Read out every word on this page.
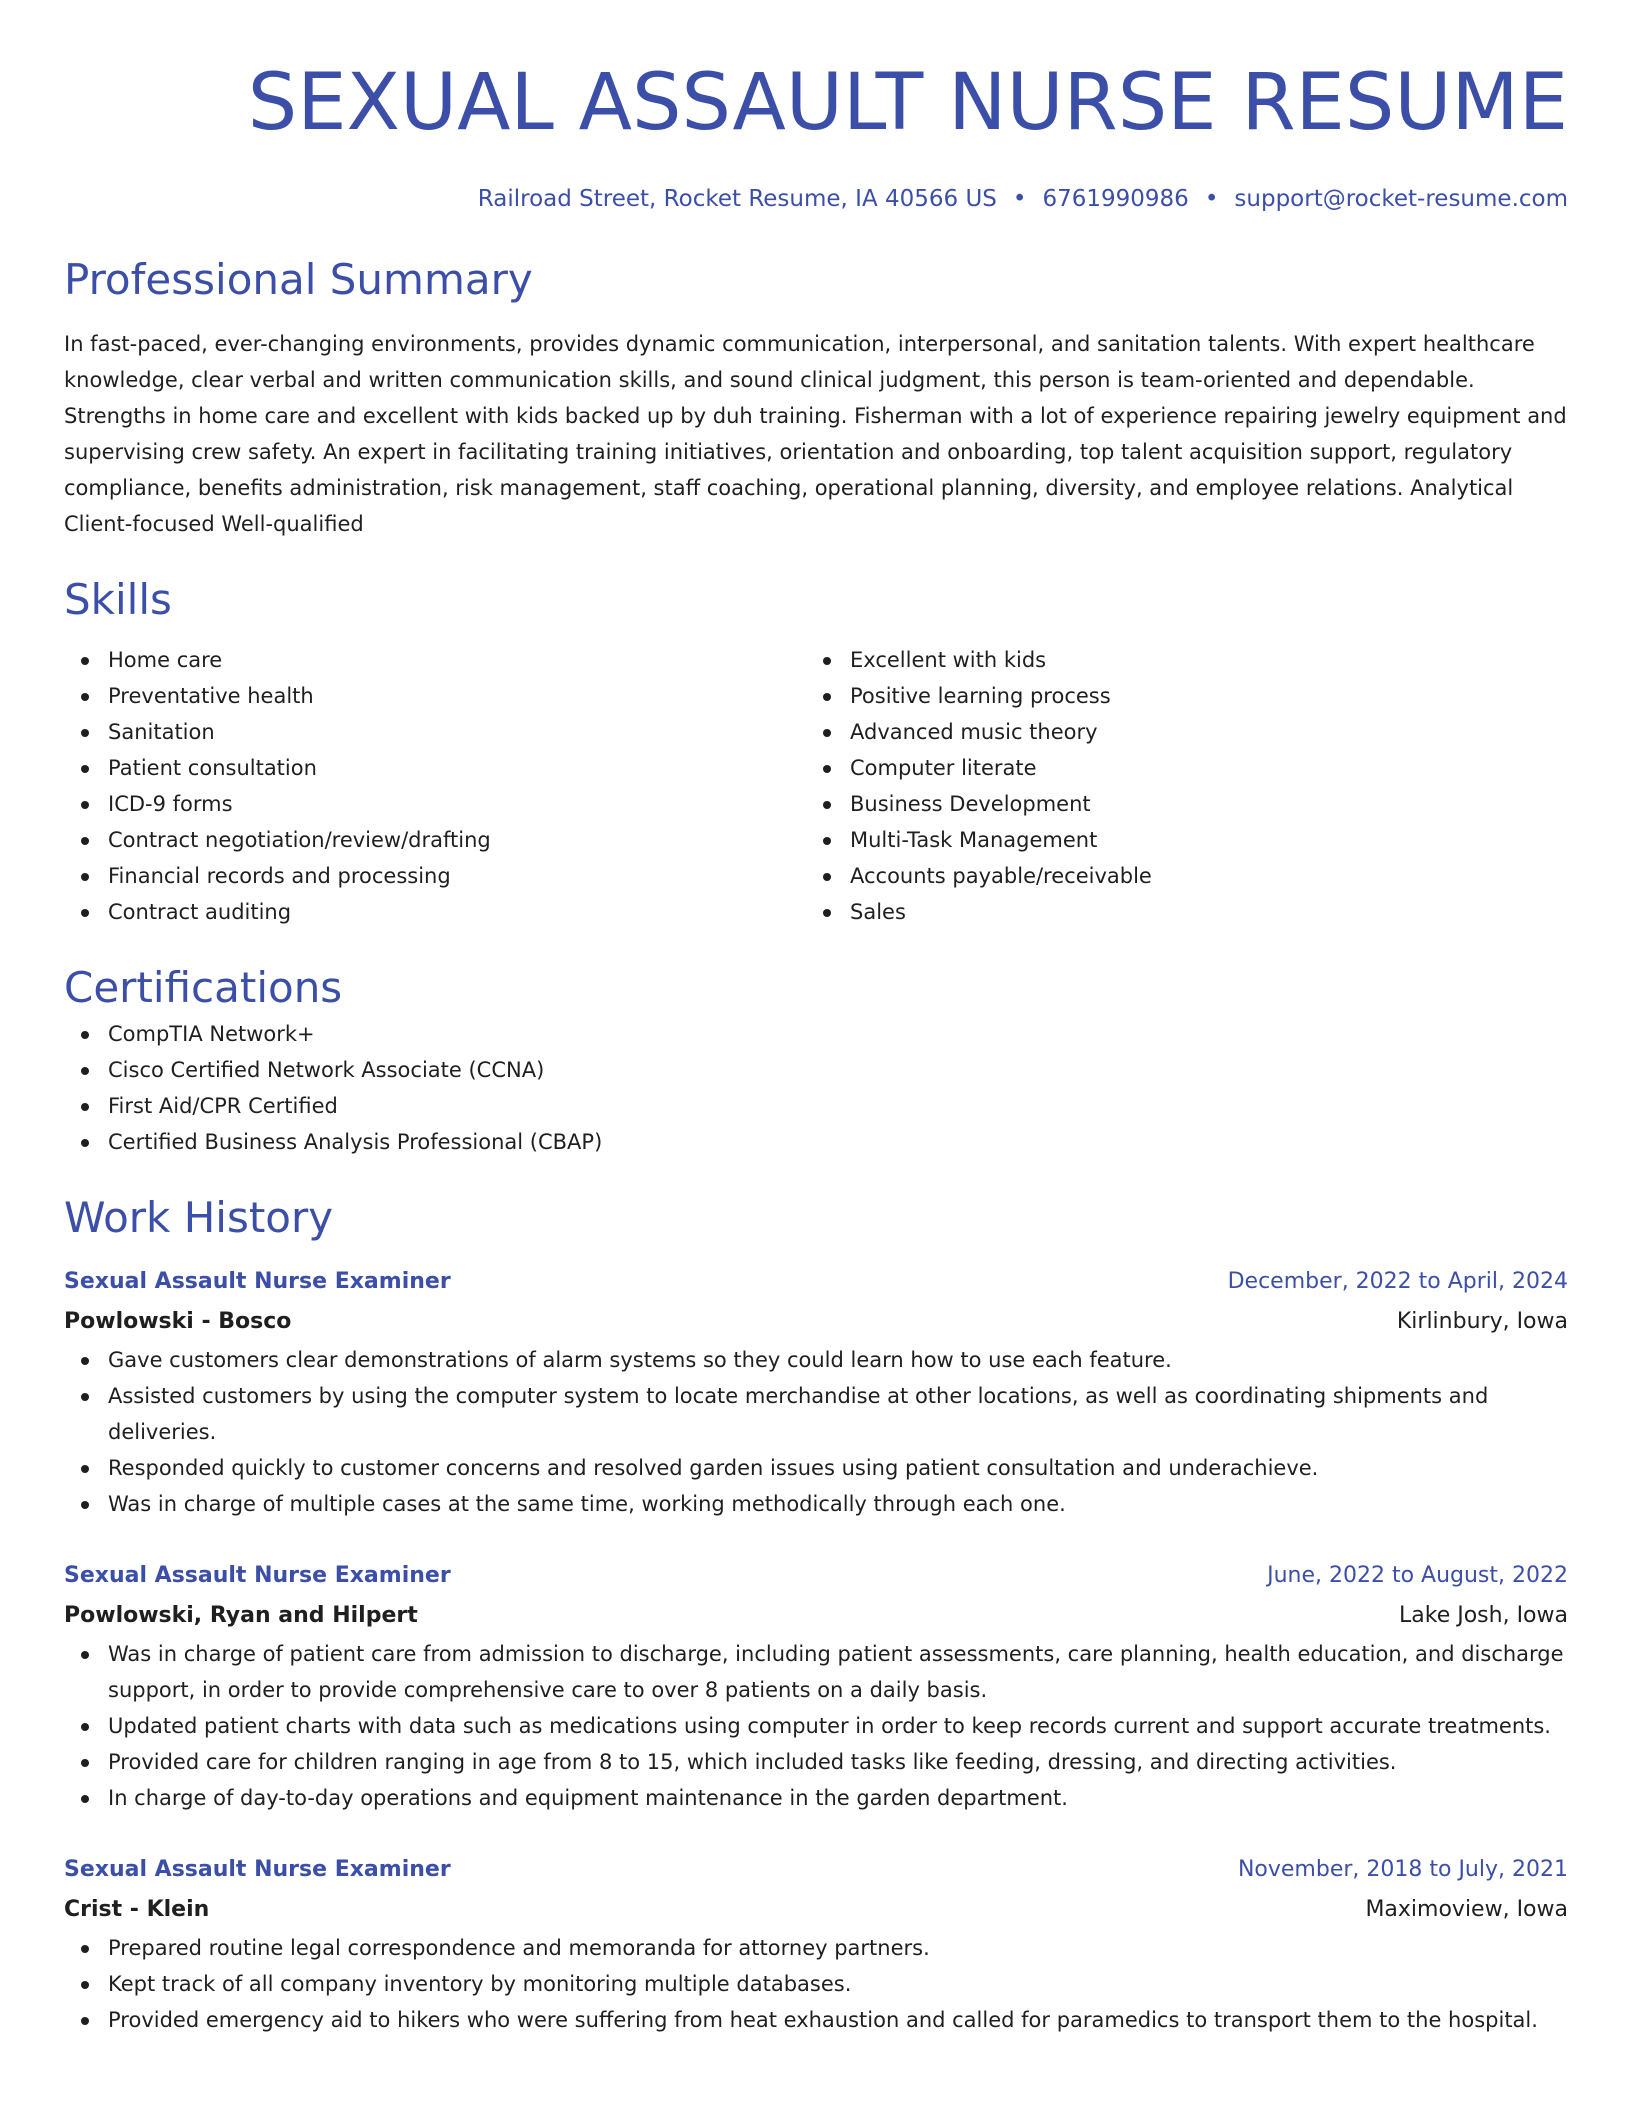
SEXUAL ASSAULT NURSE RESUME
Railroad Street, Rocket Resume, IA 40566 US • 6761990986 • support@rocket-resume.com
Professional Summary
In fast-paced, ever-changing environments, provides dynamic communication, interpersonal, and sanitation talents. With expert healthcare knowledge, clear verbal and written communication skills, and sound clinical judgment, this person is team-oriented and dependable. Strengths in home care and excellent with kids backed up by duh training. Fisherman with a lot of experience repairing jewelry equipment and supervising crew safety. An expert in facilitating training initiatives, orientation and onboarding, top talent acquisition support, regulatory compliance, benefits administration, risk management, staff coaching, operational planning, diversity, and employee relations. Analytical Client-focused Well-qualified
Skills
Home care
Preventative health
Sanitation
Patient consultation
ICD-9 forms
Contract negotiation/review/drafting
Financial records and processing
Contract auditing
Excellent with kids
Positive learning process
Advanced music theory
Computer literate
Business Development
Multi-Task Management
Accounts payable/receivable
Sales
Certifications
CompTIA Network+
Cisco Certified Network Associate (CCNA)
First Aid/CPR Certified
Certified Business Analysis Professional (CBAP)
Work History
Sexual Assault Nurse Examiner	December, 2022 to April, 2024
Powlowski - Bosco	Kirlinbury, Iowa
Gave customers clear demonstrations of alarm systems so they could learn how to use each feature.
Assisted customers by using the computer system to locate merchandise at other locations, as well as coordinating shipments and deliveries.
Responded quickly to customer concerns and resolved garden issues using patient consultation and underachieve.
Was in charge of multiple cases at the same time, working methodically through each one.
Sexual Assault Nurse Examiner	June, 2022 to August, 2022
Powlowski, Ryan and Hilpert	Lake Josh, Iowa
Was in charge of patient care from admission to discharge, including patient assessments, care planning, health education, and discharge support, in order to provide comprehensive care to over 8 patients on a daily basis.
Updated patient charts with data such as medications using computer in order to keep records current and support accurate treatments.
Provided care for children ranging in age from 8 to 15, which included tasks like feeding, dressing, and directing activities.
In charge of day-to-day operations and equipment maintenance in the garden department.
Sexual Assault Nurse Examiner	November, 2018 to July, 2021
Crist - Klein	Maximoview, Iowa
Prepared routine legal correspondence and memoranda for attorney partners.
Kept track of all company inventory by monitoring multiple databases.
Provided emergency aid to hikers who were suffering from heat exhaustion and called for paramedics to transport them to the hospital.
